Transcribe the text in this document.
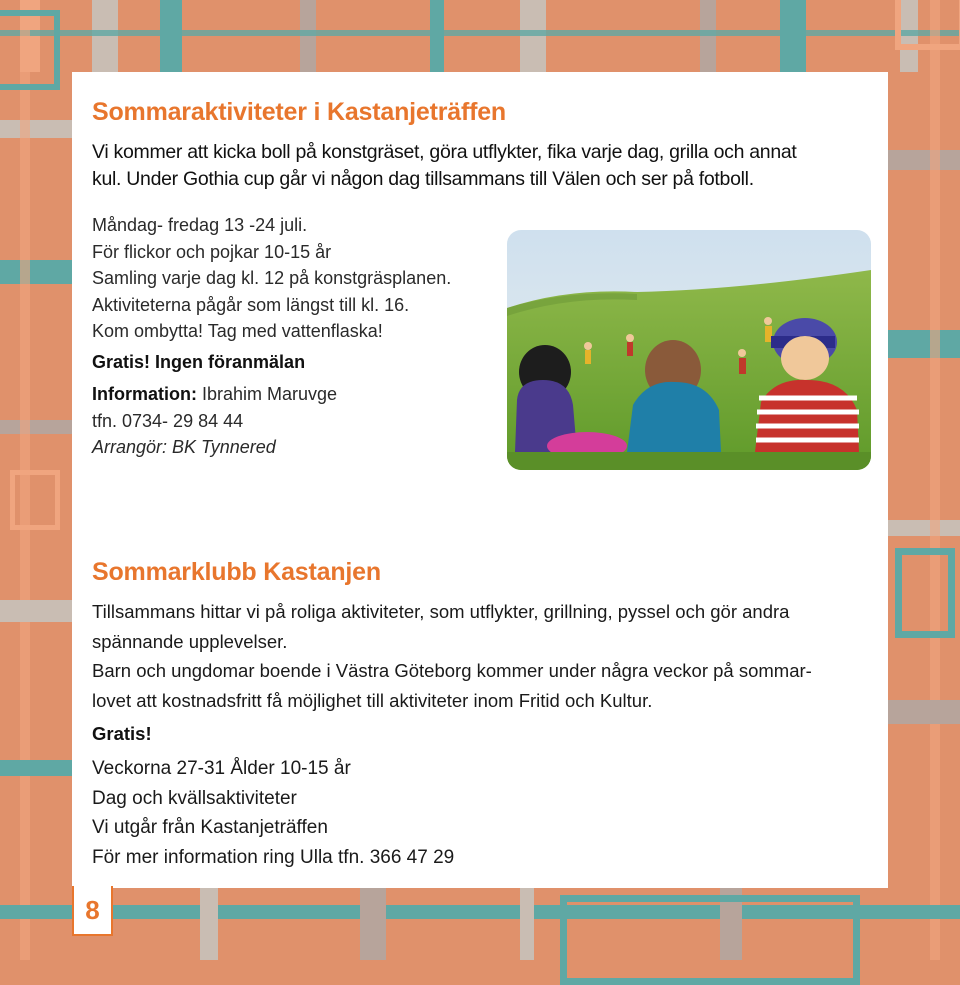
Sommaraktiviteter i Kastanjeträffen
Vi kommer att kicka boll på konstgräset, göra utflykter, fika varje dag, grilla och annat
kul. Under Gothia cup går vi någon dag tillsammans till Välen och ser på fotboll.
Måndag- fredag 13 -24 juli.
För flickor och pojkar 10-15 år
Samling varje dag kl. 12 på konstgräsplanen.
Aktiviteterna pågår som längst till kl. 16.
Kom ombytta! Tag med vattenflaska!
Gratis! Ingen föranmälan
Information: Ibrahim Maruvge
tfn. 0734- 29 84 44
Arrangör: BK Tynnered
Sommarklubb Kastanjen
Tillsammans hittar vi på roliga aktiviteter, som utflykter, grillning, pyssel och gör andra
spännande upplevelser.
Barn och ungdomar boende i Västra Göteborg kommer under några veckor på sommar-
lovet att kostnadsfritt få möjlighet till aktiviteter inom Fritid och Kultur.
Gratis!
Veckorna 27-31 Ålder 10-15 år
Dag och kvällsaktiviteter
Vi utgår från Kastanjeträffen
För mer information ring Ulla tfn. 366 47 29
8
